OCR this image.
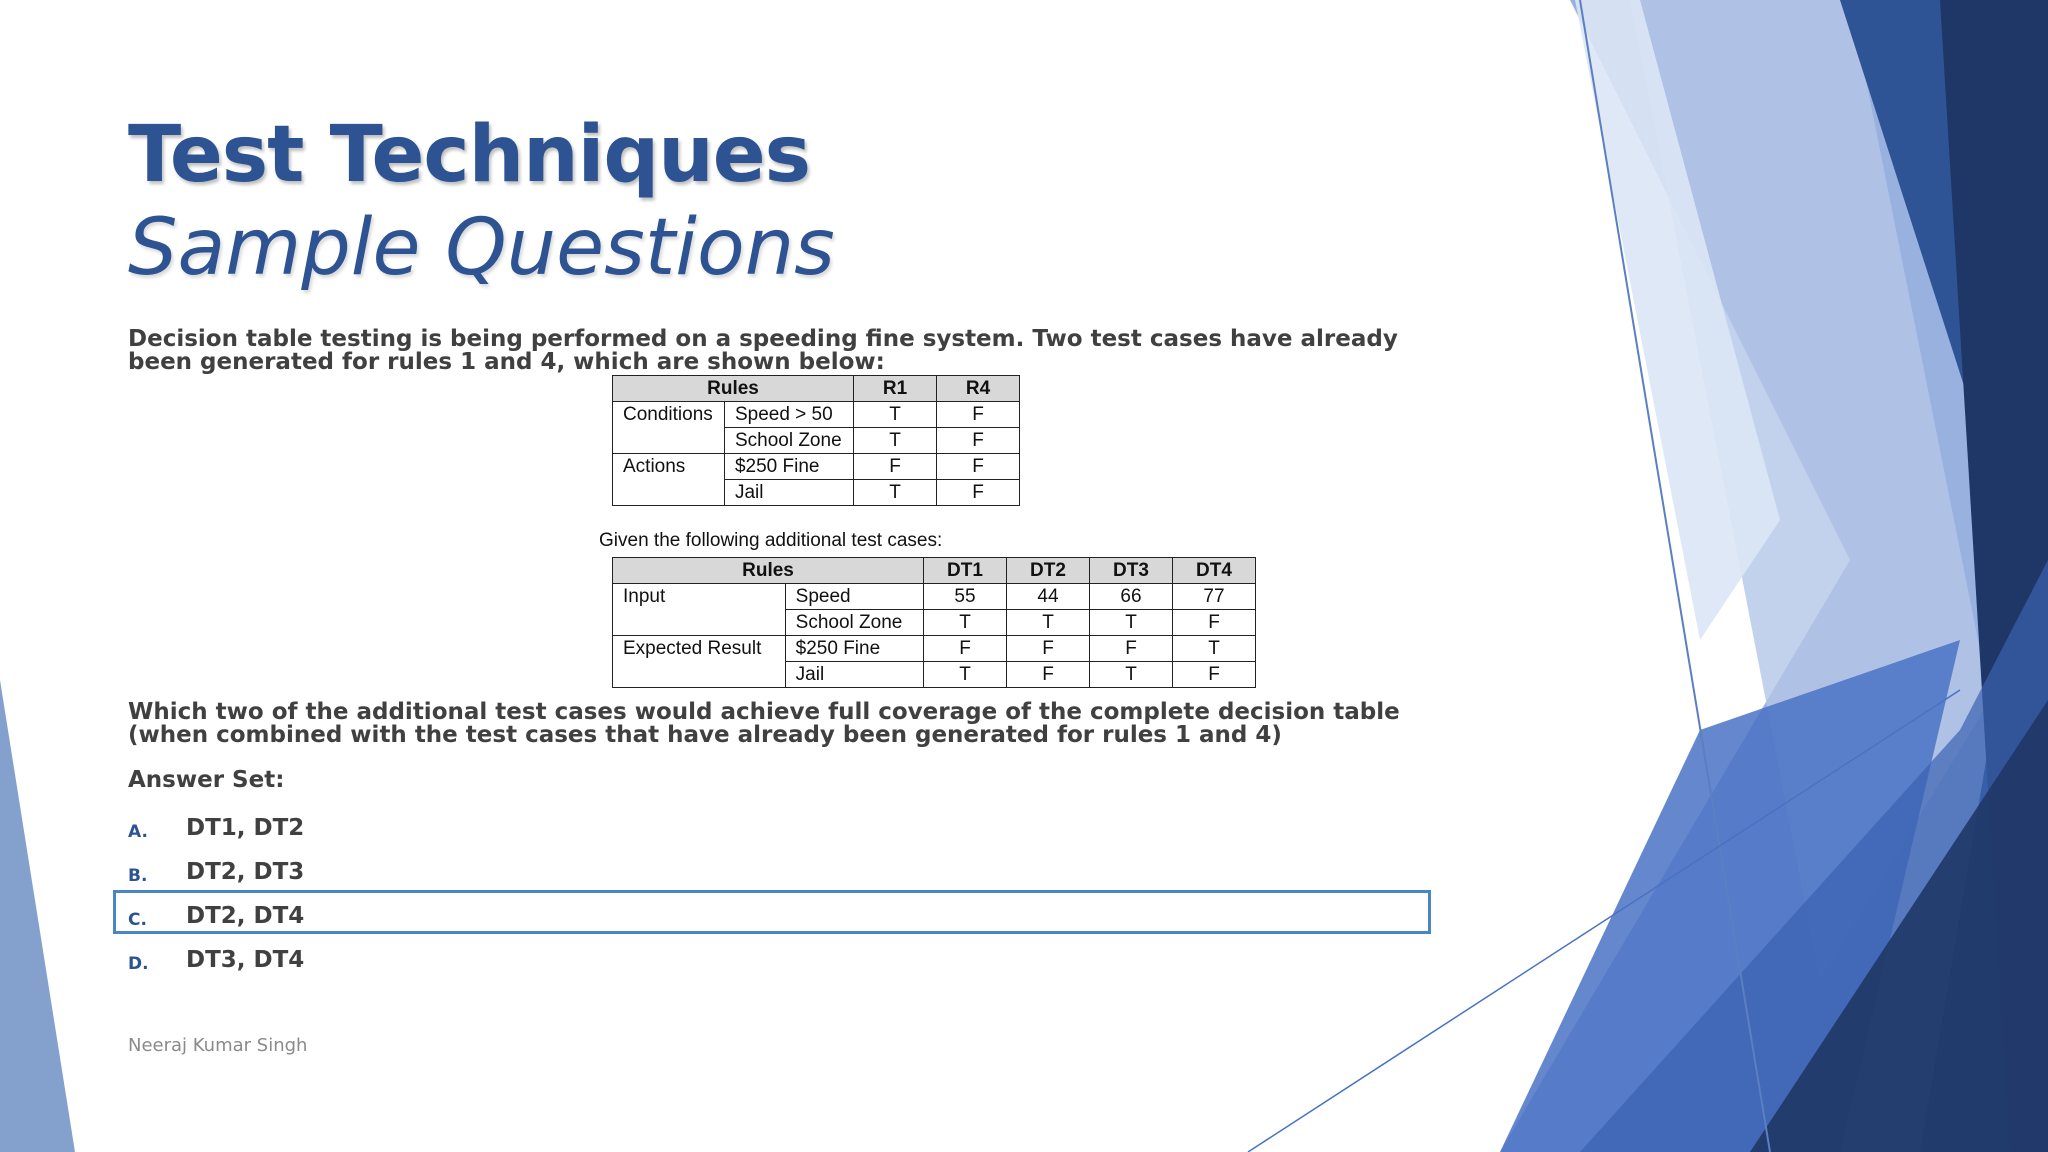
Test Techniques
Sample Questions
Decision table testing is being performed on a speeding fine system. Two test cases have already been generated for rules 1 and 4, which are shown below:
Rules		R1	R4
Conditions	Speed > 50	T	F
	School Zone	T	F
Actions	$250 Fine	F	F
	Jail	T	F
Given the following additional test cases:
Rules		DT1	DT2	DT3	DT4
Input	Speed	55	44	66	77
	School Zone	T	T	T	F
Expected Result	$250 Fine	F	F	F	T
	Jail	T	F	T	F
Which two of the additional test cases would achieve full coverage of the complete decision table (when combined with the test cases that have already been generated for rules 1 and 4)
Answer Set:
A. DT1, DT2
B. DT2, DT3
C. DT2, DT4
D. DT3, DT4
Neeraj Kumar Singh
